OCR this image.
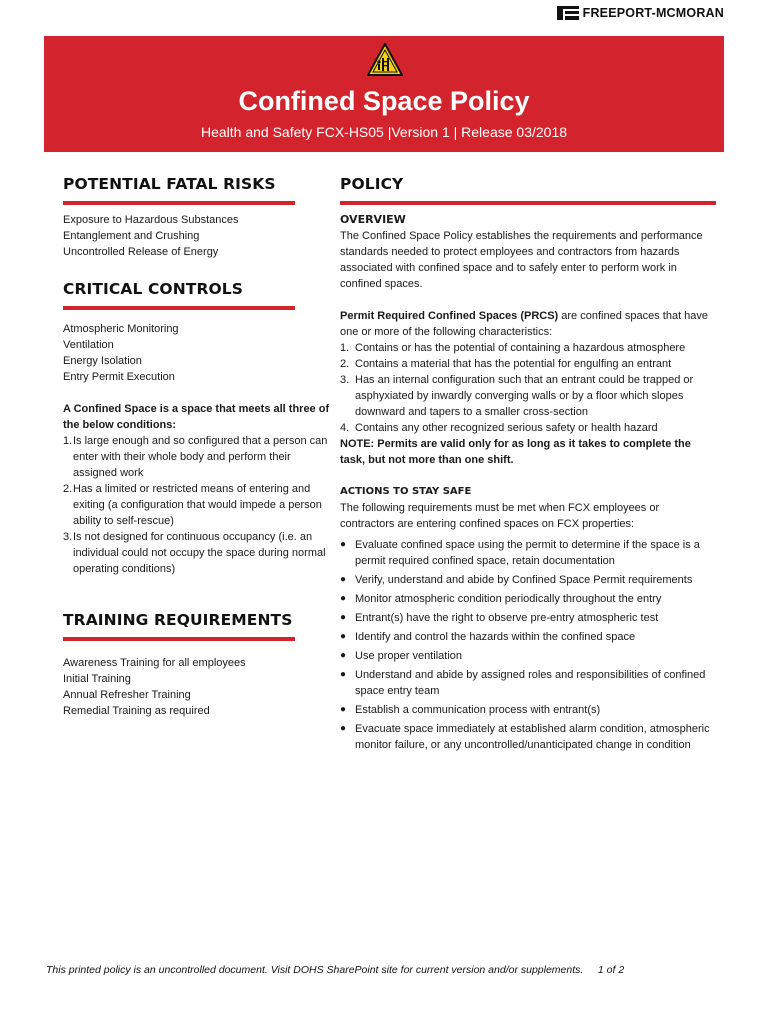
FREEPORT-MCMORAN
Confined Space Policy
Health and Safety FCX-HS05 |Version 1 | Release 03/2018
POTENTIAL FATAL RISKS
Exposure to Hazardous Substances
Entanglement and Crushing
Uncontrolled Release of Energy
CRITICAL CONTROLS
Atmospheric Monitoring
Ventilation
Energy Isolation
Entry Permit Execution

A Confined Space is a space that meets all three of the below conditions:

1. Is large enough and so configured that a person can enter with their whole body and perform their assigned work
2. Has a limited or restricted means of entering and exiting (a configuration that would impede a person ability to self-rescue)
3. Is not designed for continuous occupancy (i.e. an individual could not occupy the space during normal operating conditions)
TRAINING REQUIREMENTS
Awareness Training for all employees
Initial Training
Annual Refresher Training
Remedial Training as required
POLICY
OVERVIEW

The Confined Space Policy establishes the requirements and performance standards needed to protect employees and contractors from hazards associated with confined space and to safely enter to perform work in confined spaces.

Permit Required Confined Spaces (PRCS) are confined spaces that have one or more of the following characteristics:

1. Contains or has the potential of containing a hazardous atmosphere
2. Contains a material that has the potential for engulfing an entrant
3. Has an internal configuration such that an entrant could be trapped or asphyxiated by inwardly converging walls or by a floor which slopes downward and tapers to a smaller cross-section
4. Contains any other recognized serious safety or health hazard

NOTE: Permits are valid only for as long as it takes to complete the task, but not more than one shift.

ACTIONS TO STAY SAFE

The following requirements must be met when FCX employees or contractors are entering confined spaces on FCX properties:

● Evaluate confined space using the permit to determine if the space is a permit required confined space, retain documentation
● Verify, understand and abide by Confined Space Permit requirements
● Monitor atmospheric condition periodically throughout the entry
● Entrant(s) have the right to observe pre-entry atmospheric test
● Identify and control the hazards within the confined space
● Use proper ventilation
● Understand and abide by assigned roles and responsibilities of confined space entry team
● Establish a communication process with entrant(s)
● Evacuate space immediately at established alarm condition, atmospheric monitor failure, or any uncontrolled/unanticipated change in condition
This printed policy is an uncontrolled document. Visit DOHS SharePoint site for current version and/or supplements. 1 of 2
